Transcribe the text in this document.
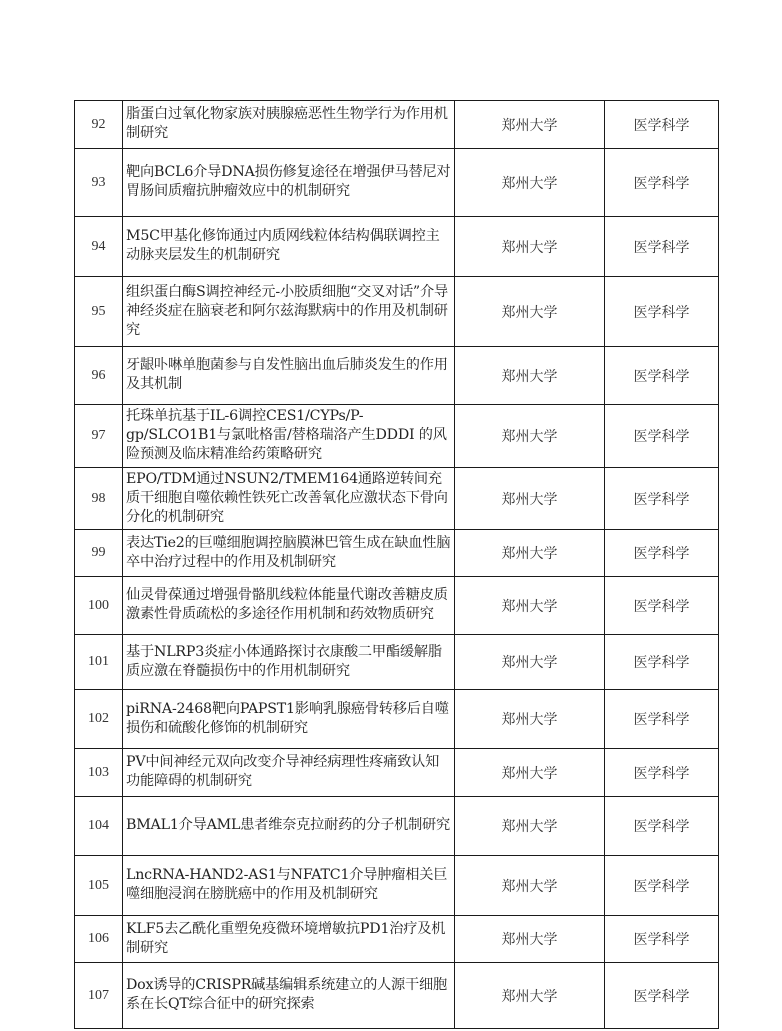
92	脂蛋白过氧化物家族对胰腺癌恶性生物学行为作用机制研究	郑州大学	医学科学
93	靶向BCL6介导DNA损伤修复途径在增强伊马替尼对胃肠间质瘤抗肿瘤效应中的机制研究	郑州大学	医学科学
94	M5C甲基化修饰通过内质网线粒体结构偶联调控主动脉夹层发生的机制研究	郑州大学	医学科学
95	组织蛋白酶S调控神经元-小胶质细胞“交叉对话”介导神经炎症在脑衰老和阿尔兹海默病中的作用及机制研究	郑州大学	医学科学
96	牙龈卟啉单胞菌参与自发性脑出血后肺炎发生的作用及其机制	郑州大学	医学科学
97	托珠单抗基于IL-6调控CES1/CYPs/P-gp/SLCO1B1与氯吡格雷/替格瑞洛产生DDDI 的风险预测及临床精准给药策略研究	郑州大学	医学科学
98	EPO/TDM通过NSUN2/TMEM164通路逆转间充质干细胞自噬依赖性铁死亡改善氧化应激状态下骨向分化的机制研究	郑州大学	医学科学
99	表达Tie2的巨噬细胞调控脑膜淋巴管生成在缺血性脑卒中治疗过程中的作用及机制研究	郑州大学	医学科学
100	仙灵骨葆通过增强骨骼肌线粒体能量代谢改善糖皮质激素性骨质疏松的多途径作用机制和药效物质研究	郑州大学	医学科学
101	基于NLRP3炎症小体通路探讨衣康酸二甲酯缓解脂质应激在脊髓损伤中的作用机制研究	郑州大学	医学科学
102	piRNA-2468靶向PAPST1影响乳腺癌骨转移后自噬损伤和硫酸化修饰的机制研究	郑州大学	医学科学
103	PV中间神经元双向改变介导神经病理性疼痛致认知功能障碍的机制研究	郑州大学	医学科学
104	BMAL1介导AML患者维奈克拉耐药的分子机制研究	郑州大学	医学科学
105	LncRNA-HAND2-AS1与NFATC1介导肿瘤相关巨噬细胞浸润在膀胱癌中的作用及机制研究	郑州大学	医学科学
106	KLF5去乙酰化重塑免疫微环境增敏抗PD1治疗及机制研究	郑州大学	医学科学
107	Dox诱导的CRISPR碱基编辑系统建立的人源干细胞系在长QT综合征中的研究探索	郑州大学	医学科学
